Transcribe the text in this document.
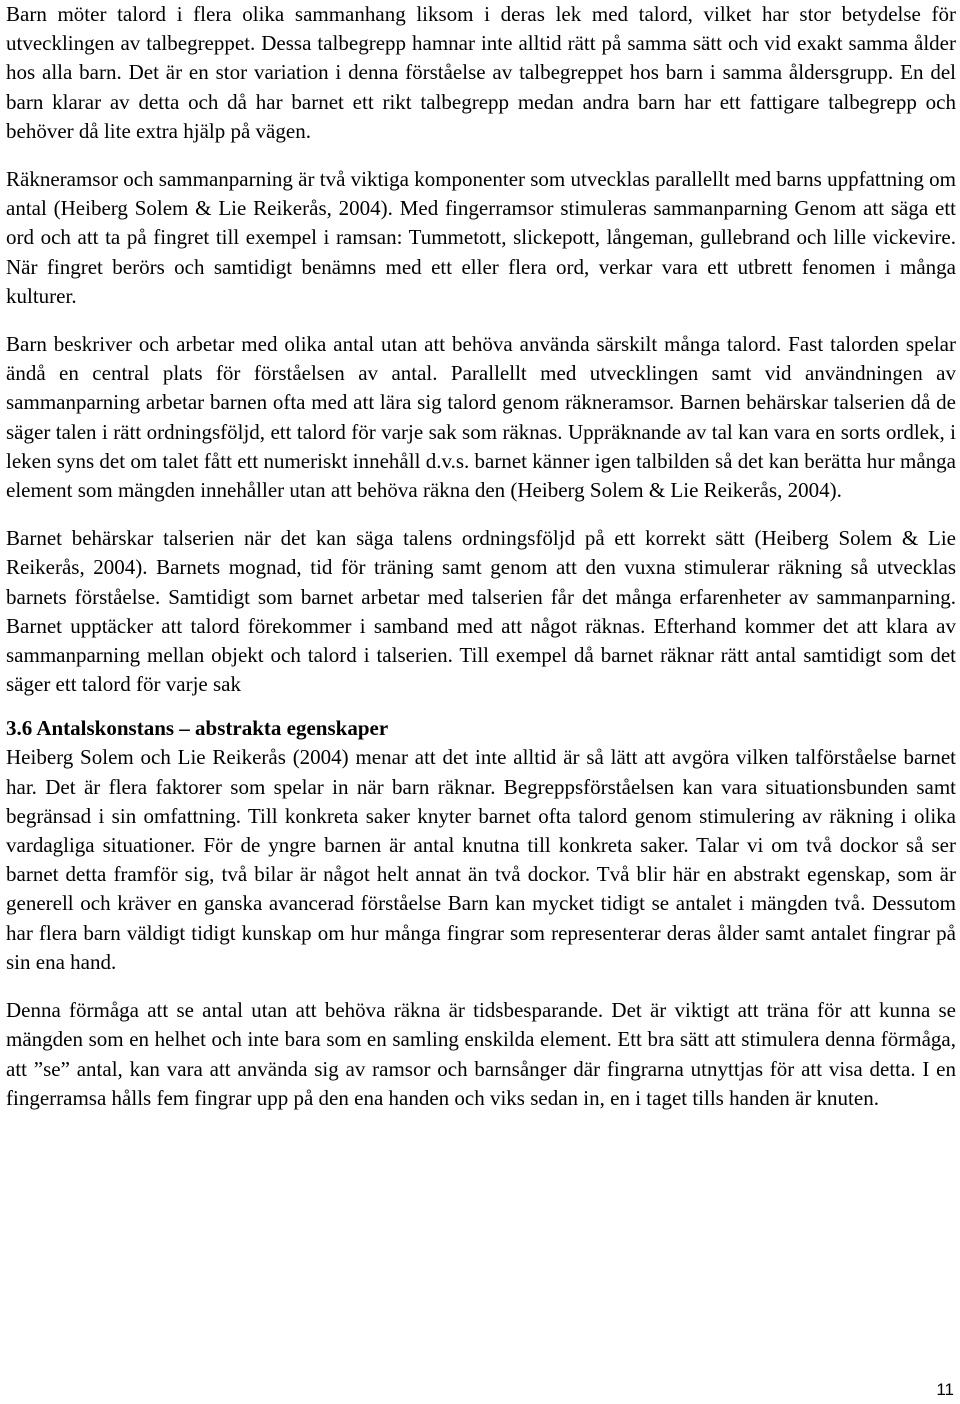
Barn möter talord i flera olika sammanhang liksom i deras lek med talord, vilket har stor betydelse för utvecklingen av talbegreppet. Dessa talbegrepp hamnar inte alltid rätt på samma sätt och vid exakt samma ålder hos alla barn. Det är en stor variation i denna förståelse av talbegreppet hos barn i samma åldersgrupp. En del barn klarar av detta och då har barnet ett rikt talbegrepp medan andra barn har ett fattigare talbegrepp och behöver då lite extra hjälp på vägen.

Räkneramsor och sammanparning är två viktiga komponenter som utvecklas parallellt med barns uppfattning om antal (Heiberg Solem & Lie Reikerås, 2004). Med fingerramsor stimuleras sammanparning Genom att säga ett ord och att ta på fingret till exempel i ramsan: Tummetott, slickepott, långeman, gullebrand och lille vickevire. När fingret berörs och samtidigt benämns med ett eller flera ord, verkar vara ett utbrett fenomen i många kulturer.

Barn beskriver och arbetar med olika antal utan att behöva använda särskilt många talord. Fast talorden spelar ändå en central plats för förståelsen av antal. Parallellt med utvecklingen samt vid användningen av sammanparning arbetar barnen ofta med att lära sig talord genom räkneramsor. Barnen behärskar talserien då de säger talen i rätt ordningsföljd, ett talord för varje sak som räknas. Uppräknande av tal kan vara en sorts ordlek, i leken syns det om talet fått ett numeriskt innehåll d.v.s. barnet känner igen talbilden så det kan berätta hur många element som mängden innehåller utan att behöva räkna den (Heiberg Solem & Lie Reikerås, 2004).

Barnet behärskar talserien när det kan säga talens ordningsföljd på ett korrekt sätt (Heiberg Solem & Lie Reikerås, 2004). Barnets mognad, tid för träning samt genom att den vuxna stimulerar räkning så utvecklas barnets förståelse. Samtidigt som barnet arbetar med talserien får det många erfarenheter av sammanparning. Barnet upptäcker att talord förekommer i samband med att något räknas. Efterhand kommer det att klara av sammanparning mellan objekt och talord i talserien. Till exempel då barnet räknar rätt antal samtidigt som det säger ett talord för varje sak

3.6 Antalskonstans – abstrakta egenskaper

Heiberg Solem och Lie Reikerås (2004) menar att det inte alltid är så lätt att avgöra vilken talförståelse barnet har. Det är flera faktorer som spelar in när barn räknar. Begreppsförståelsen kan vara situationsbunden samt begränsad i sin omfattning. Till konkreta saker knyter barnet ofta talord genom stimulering av räkning i olika vardagliga situationer. För de yngre barnen är antal knutna till konkreta saker. Talar vi om två dockor så ser barnet detta framför sig, två bilar är något helt annat än två dockor. Två blir här en abstrakt egenskap, som är generell och kräver en ganska avancerad förståelse Barn kan mycket tidigt se antalet i mängden två. Dessutom har flera barn väldigt tidigt kunskap om hur många fingrar som representerar deras ålder samt antalet fingrar på sin ena hand.

Denna förmåga att se antal utan att behöva räkna är tidsbesparande. Det är viktigt att träna för att kunna se mängden som en helhet och inte bara som en samling enskilda element. Ett bra sätt att stimulera denna förmåga, att ”se” antal, kan vara att använda sig av ramsor och barnsånger där fingrarna utnyttjas för att visa detta. I en fingerramsa hålls fem fingrar upp på den ena handen och viks sedan in, en i taget tills handen är knuten.

11
